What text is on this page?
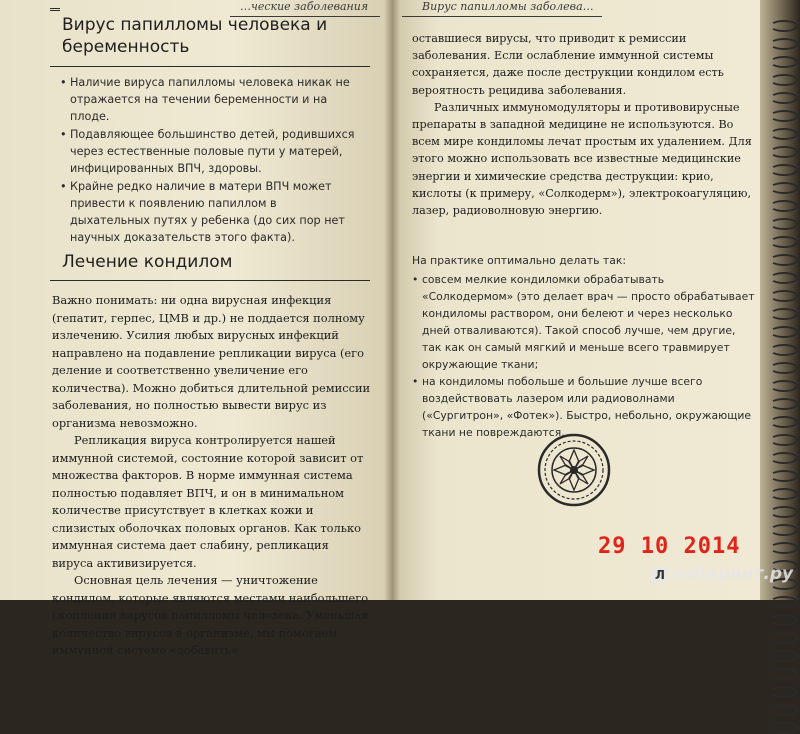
…ческие заболевания
Вирус папилломы человека и беременность
• Наличие вируса папилломы человека никак не отражается на течении беременности и на плоде.
• Подавляющее большинство детей, родившихся через естественные половые пути у матерей, инфицированных ВПЧ, здоровы.
• Крайне редко наличие в матери ВПЧ может привести к появлению папиллом в дыхательных путях у ребенка (до сих пор нет научных доказательств этого факта).
Лечение кондилом

Важно понимать: ни одна вирусная инфекция (гепатит, герпес, ЦМВ и др.) не поддается полному излечению. Усилия любых вирусных инфекций направлено на подавление репликации вируса (его деление и соответственно увеличение его количества). Можно добиться длительной ремиссии заболевания, но полностью вывести вирус из организма невозможно.

Репликация вируса контролируется нашей иммунной системой, состояние которой зависит от множества факторов. В норме иммунная система полностью подавляет ВПЧ, и он в минимальном количестве присутствует в клетках кожи и слизистых оболочках половых органов. Как только иммунная система дает слабину, репликация вируса активизируется.

Основная цель лечения — уничтожение кондилом, которые являются местами наибольшего скопления вирусов папилломы человека. Уменьшая количество вирусов в организме, мы помогаем иммунной системе «добавить»

Вирус папилломы заболева…

оставшиеся вирусы, что приводит к ремиссии заболевания. Если ослабление иммунной системы сохраняется, даже после деструкции кондилом есть вероятность рецидива заболевания.

Различных иммуномодуляторы и противовирусные препараты в западной медицине не используются. Во всем мире кондиломы лечат простым их удалением. Для этого можно использовать все известные медицинские энергии и химические средства деструкции: крио, кислоты (к примеру, «Солкодерм»), электрокоагуляцию, лазер, радиоволновую энергию.

На практике оптимально делать так:
• совсем мелкие кондиломки обрабатывать «Солкодермом» (это делает врач — просто обрабатывает кондиломы раствором, они белеют и через несколько дней отваливаются). Такой способ лучше, чем другие, так как он самый мягкий и меньше всего травмирует окружающие ткани;
• на кондиломы побольше и большие лучше всего воздействовать лазером или радиоволнами («Сургитрон», «Фотек»). Быстро, небольно, окружающие ткани не повреждаются.
29 10 2014
Л лабиринт.ру
